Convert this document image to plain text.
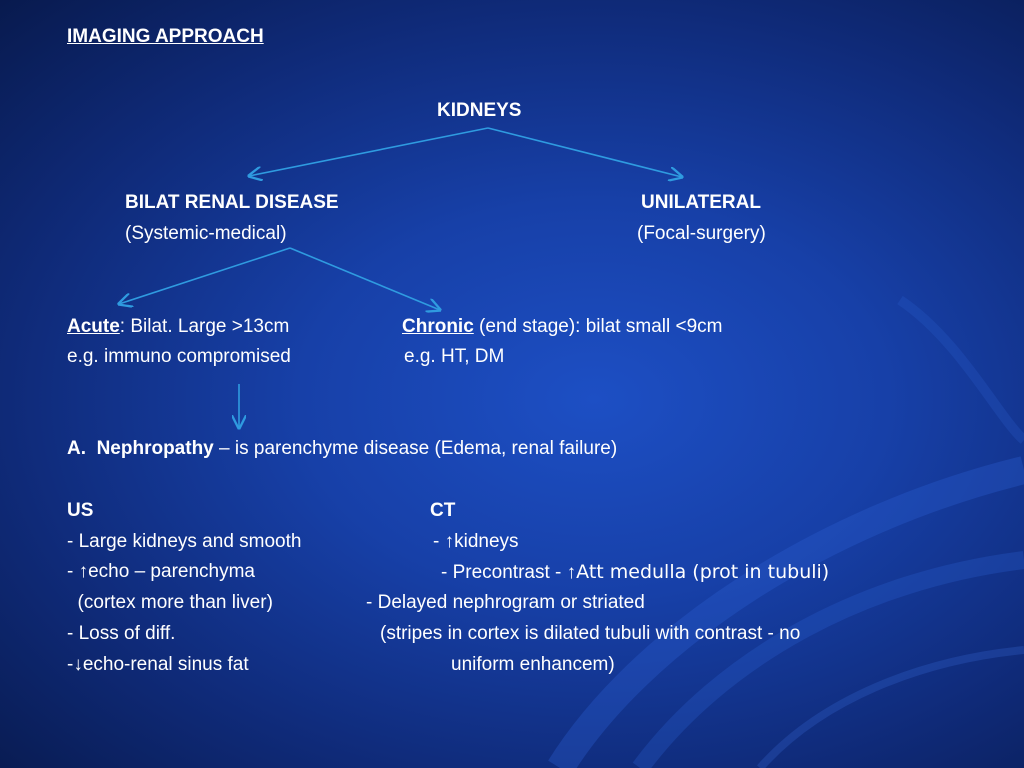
IMAGING APPROACH
KIDNEYS
BILAT RENAL DISEASE
(Systemic-medical)
UNILATERAL
(Focal-surgery)
Acute: Bilat. Large >13cm
e.g. immuno compromised
Chronic (end stage): bilat small <9cm
e.g. HT, DM
A.  Nephropathy – is parenchyme disease (Edema, renal failure)
US
- Large kidneys and smooth
- ↑echo – parenchyma
(cortex more than liver)
- Loss of diff.
-↓echo-renal sinus fat
CT
- ↑kidneys
- Precontrast - ↑Att medulla (prot in tubuli)
- Delayed nephrogram or striated
(stripes in cortex is dilated tubuli with contrast - no
uniform enhancem)
